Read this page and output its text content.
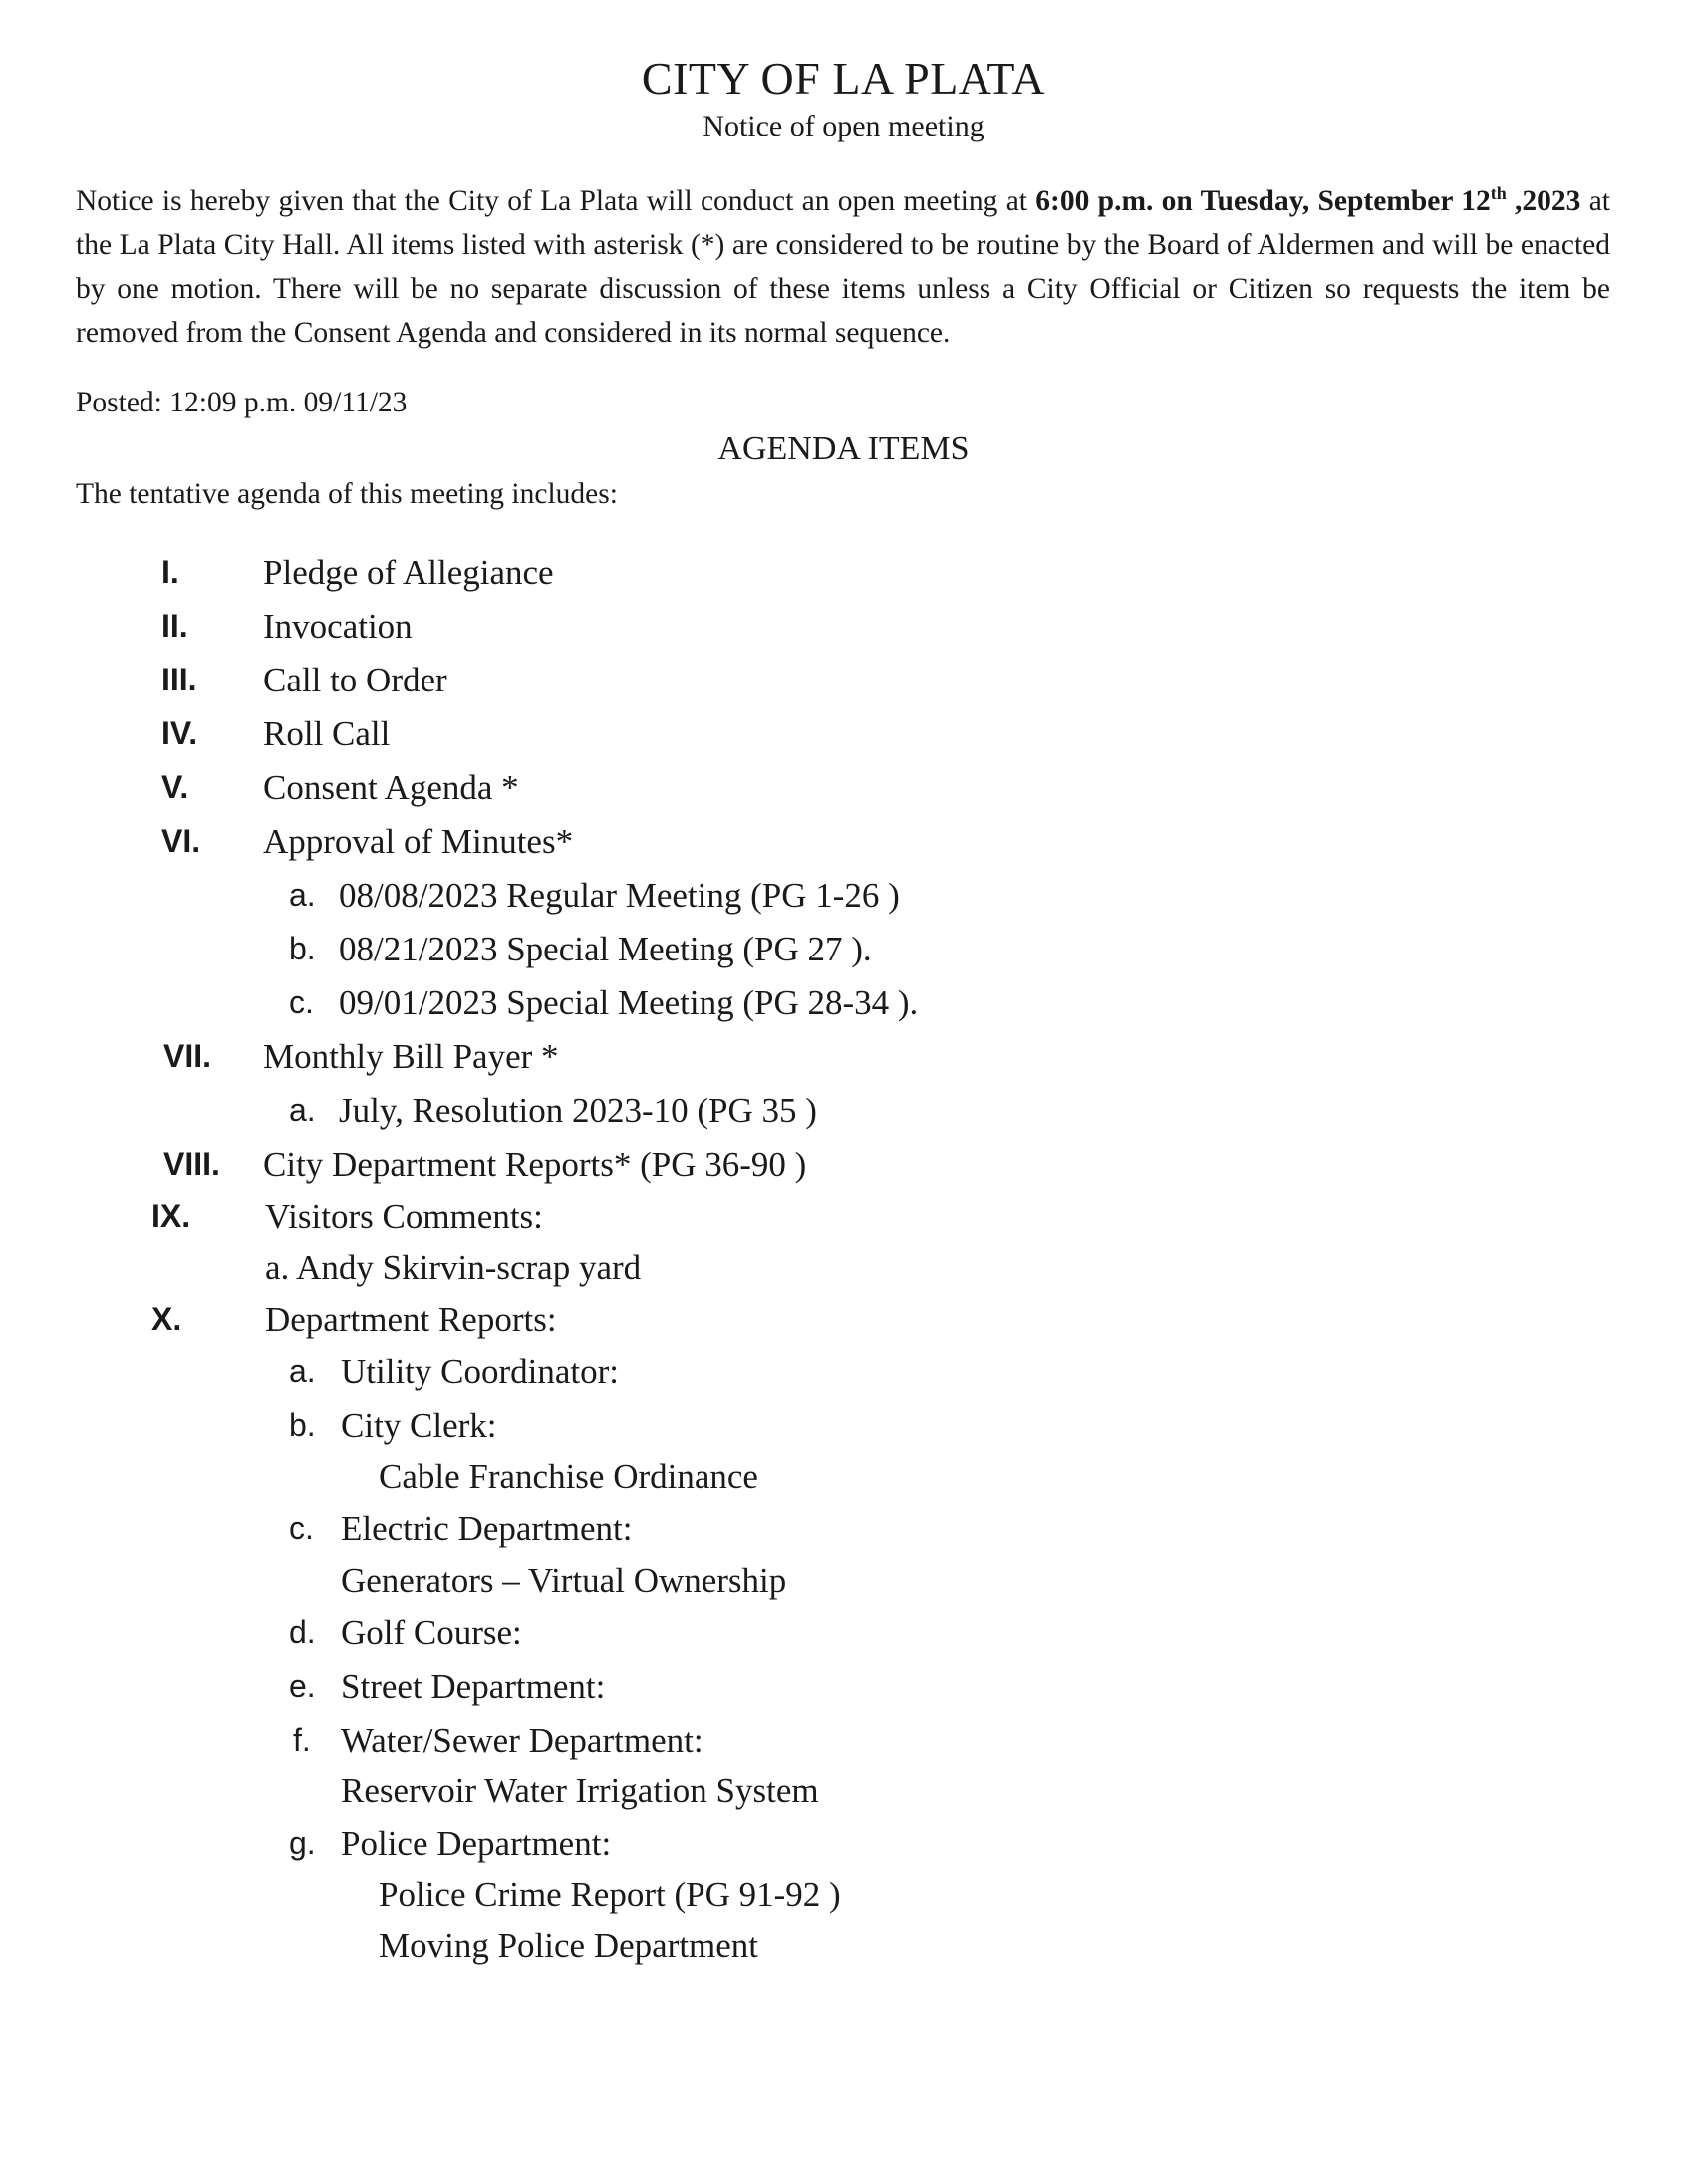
CITY OF LA PLATA
Notice of open meeting
Notice is hereby given that the City of La Plata will conduct an open meeting at 6:00 p.m. on Tuesday, September 12th ,2023 at the La Plata City Hall. All items listed with asterisk (*) are considered to be routine by the Board of Aldermen and will be enacted by one motion. There will be no separate discussion of these items unless a City Official or Citizen so requests the item be removed from the Consent Agenda and considered in its normal sequence.
Posted: 12:09 p.m. 09/11/23
AGENDA ITEMS
The tentative agenda of this meeting includes:
I. Pledge of Allegiance
II. Invocation
III. Call to Order
IV. Roll Call
V. Consent Agenda *
VI. Approval of Minutes*
a. 08/08/2023 Regular Meeting (PG 1-26 )
b. 08/21/2023 Special Meeting (PG 27 ).
c. 09/01/2023 Special Meeting (PG 28-34 ).
VII. Monthly Bill Payer *
a. July, Resolution 2023-10 (PG 35 )
VIII. City Department Reports* (PG 36-90 )
IX. Visitors Comments:
a. Andy Skirvin-scrap yard
X. Department Reports:
a. Utility Coordinator:
b. City Clerk:
Cable Franchise Ordinance
c. Electric Department:
Generators – Virtual Ownership
d. Golf Course:
e. Street Department:
f. Water/Sewer Department:
Reservoir Water Irrigation System
g. Police Department:
Police Crime Report (PG 91-92 )
Moving Police Department
